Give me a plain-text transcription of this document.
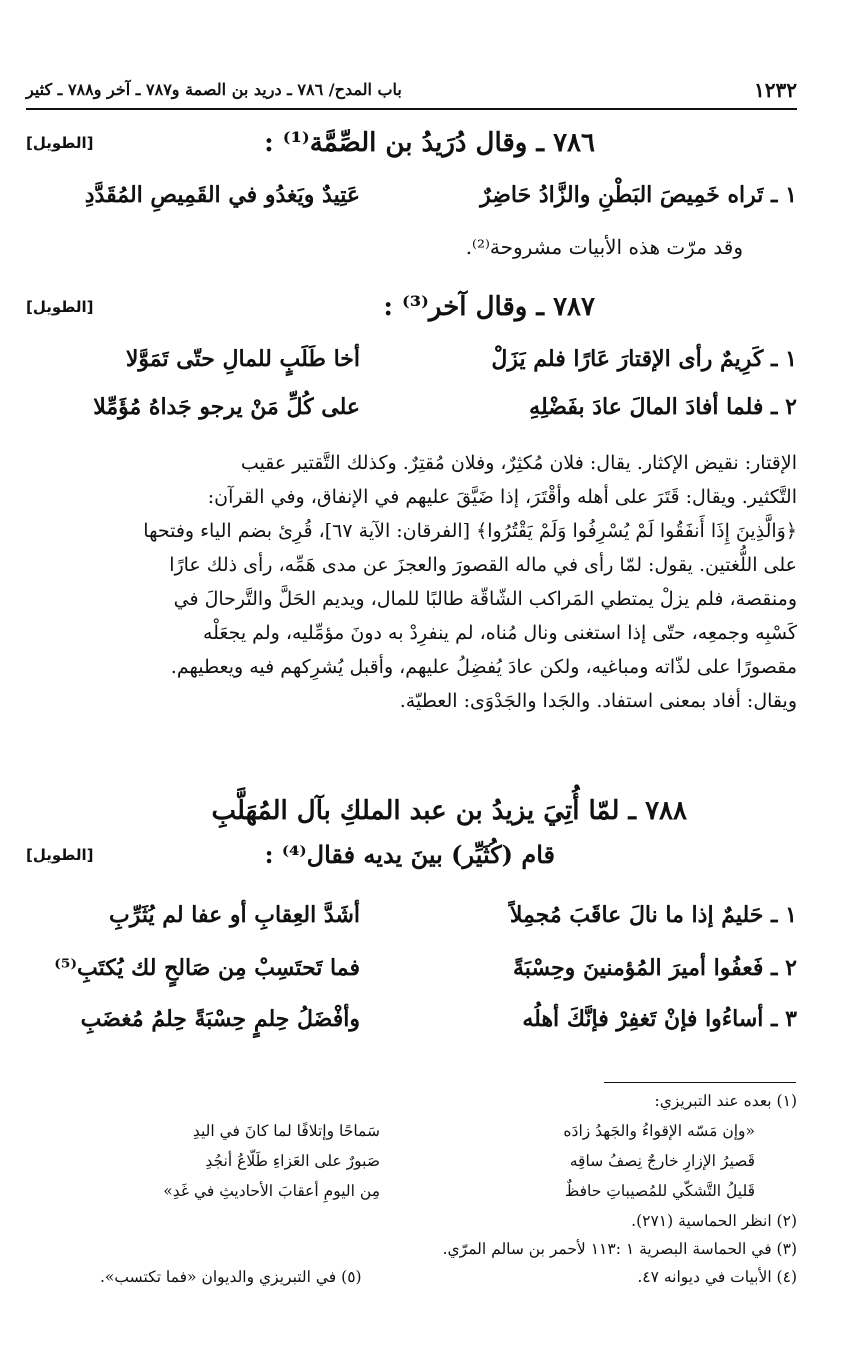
١٢٣٢
باب المدح/ ٧٨٦ ـ دريد بن الصمة و٧٨٧ ـ آخر و٧٨٨ ـ كثير
٧٨٦ ـ وقال دُرَيدُ بن الصِّمَّة⁽¹⁾ :
[الطويل]
١ ـ تَراه خَمِيصَ البَطْنِ والزَّادُ حَاضِرٌ
عَتِيدٌ ويَغدُو في القَمِيصِ المُقَدَّدِ
وقد مرّت هذه الأبيات مشروحة⁽²⁾.
٧٨٧ ـ وقال آخر⁽³⁾ :
[الطويل]
١ ـ كَرِيمٌ رأى الإقتارَ عَارًا فلم يَزَلْ
أخا طَلَبٍ للمالِ حتّى تَمَوَّلا
٢ ـ فلما أفادَ المالَ عادَ بفَضْلِهِ
على كُلِّ مَنْ يرجو جَداهُ مُؤَمِّلا

الإقتار: نقيض الإكثار. يقال: فلان مُكثِرٌ، وفلان مُقتِرٌ. وكذلك التَّقتير عقيب

التَّكثير. ويقال: قَتَرَ على أهله وأقْتَرَ، إذا ضَيَّقَ عليهم في الإنفاق، وفي القرآن:

﴿وَالَّذِينَ إِذَا أَنفَقُوا لَمْ يُسْرِفُوا وَلَمْ يَقْتُرُوا﴾ [الفرقان: الآية ٦٧]، قُرِئ بضم الياء وفتحها

على اللُّغتين. يقول: لمّا رأى في ماله القصورَ والعجزَ عن مدى هَمِّه، رأى ذلك عارًا

ومنقصة، فلم يزلْ يمتطي المَراكب الشّاقّة طالبًا للمال، ويديم الحَلَّ والتَّرحالَ في

كَسْبِه وجمعِه، حتّى إذا استغنى ونال مُناه، لم ينفرِدْ به دونَ مؤمِّليه، ولم يجعَلْه

مقصورًا على لذّاته ومباغيه، ولكن عادَ يُفضِلُ عليهم، وأقبل يُشرِكهم فيه ويعطيهم.

ويقال: أفاد بمعنى استفاد. والجَدا والجَدْوَى: العطيّة.

٧٨٨ ـ لمّا أُتِيَ يزيدُ بن عبد الملكِ بآل المُهَلَّبِ
قام (كُثَيِّر) بينَ يديه فقال⁽⁴⁾ :
[الطويل]
١ ـ حَليمٌ إذا ما نالَ عاقَبَ مُجمِلاً
أشَدَّ العِقابِ أو عفا لم يُثَرِّبِ
٢ ـ فَعفُوا أميرَ المُؤمنينَ وحِسْبَةً
فما تَحتَسِبْ مِن صَالحٍ لك يُكتَبِ⁽⁵⁾
٣ ـ أساءُوا فإنْ تَغفِرْ فإنَّكَ أهلُه
وأفْضَلُ حِلمٍ حِسْبَةً حِلمُ مُغضَبِ
(١) بعده عند التبريزي:
«وإن مَسّه الإقواءُ والجَهدُ زادَه
سَماحًا وإتلافًا لما كانَ في اليدِ
قَصيرُ الإزارِ خارجٌ نِصفُ ساقِه
صَبورٌ على العَزاءِ طَلّاعُ أنجُدِ
قَليلُ التَّشكّي للمُصيباتِ حافظٌ
مِن اليومِ أعقابَ الأحاديثِ في غَدِ»
(٢) انظر الحماسية (٢٧١).
(٣) في الحماسة البصرية ١ :١١٣ لأحمر بن سالم المرّي.
(٤) الأبيات في ديوانه ٤٧.
(٥) في التبريزي والديوان «فما تكتسب».
